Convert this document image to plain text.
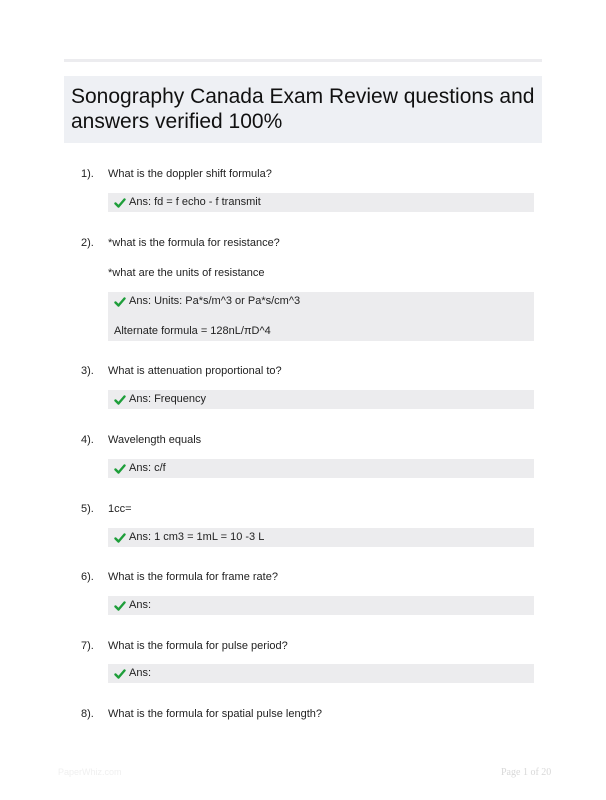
Sonography Canada Exam Review questions and answers verified 100%
1). What is the doppler shift formula?
Ans: fd = f echo - f transmit
2). *what is the formula for resistance?
*what are the units of resistance
Ans: Units: Pa*s/m^3 or Pa*s/cm^3
Alternate formula = 128nL/πD^4
3). What is attenuation proportional to?
Ans: Frequency
4). Wavelength equals
Ans: c/f
5). 1cc=
Ans: 1 cm3 = 1mL = 10 -3 L
6). What is the formula for frame rate?
Ans:
7). What is the formula for pulse period?
Ans:
8). What is the formula for spatial pulse length?
PaperWhiz.com	Page 1 of 20
